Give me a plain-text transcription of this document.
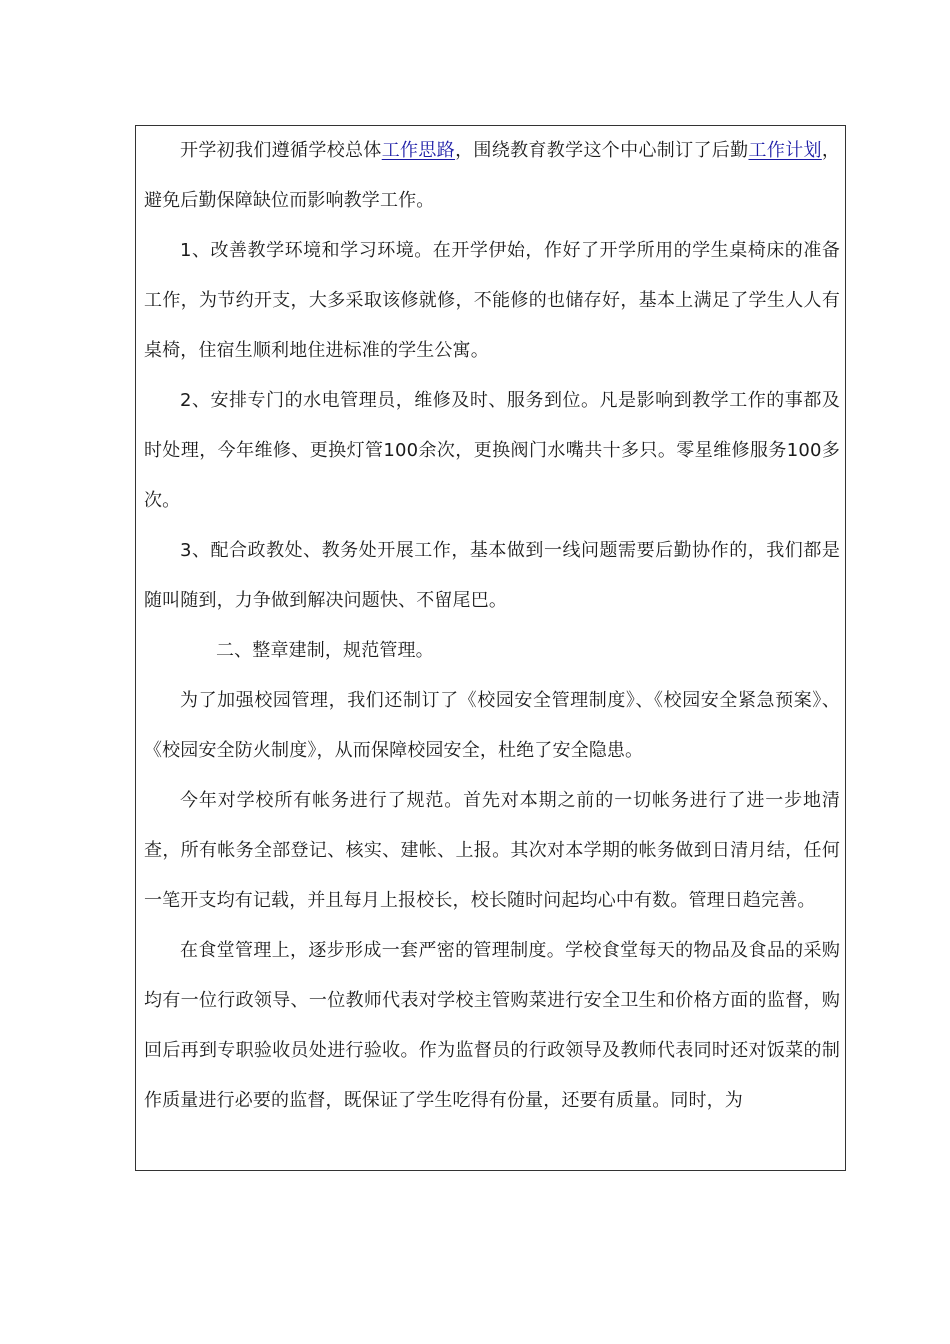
开学初我们遵循学校总体工作思路，围绕教育教学这个中心制订了后勤工作计划，避免后勤保障缺位而影响教学工作。

1、改善教学环境和学习环境。在开学伊始，作好了开学所用的学生桌椅床的准备工作，为节约开支，大多采取该修就修，不能修的也储存好，基本上满足了学生人人有桌椅，住宿生顺利地住进标准的学生公寓。

2、安排专门的水电管理员，维修及时、服务到位。凡是影响到教学工作的事都及时处理，今年维修、更换灯管100余次，更换阀门水嘴共十多只。零星维修服务100多次。

3、配合政教处、教务处开展工作，基本做到一线问题需要后勤协作的，我们都是随叫随到，力争做到解决问题快、不留尾巴。

二、整章建制，规范管理。

为了加强校园管理，我们还制订了《校园安全管理制度》、《校园安全紧急预案》、《校园安全防火制度》，从而保障校园安全，杜绝了安全隐患。

今年对学校所有帐务进行了规范。首先对本期之前的一切帐务进行了进一步地清查，所有帐务全部登记、核实、建帐、上报。其次对本学期的帐务做到日清月结，任何一笔开支均有记载，并且每月上报校长，校长随时问起均心中有数。管理日趋完善。

在食堂管理上，逐步形成一套严密的管理制度。学校食堂每天的物品及食品的采购均有一位行政领导、一位教师代表对学校主管购菜进行安全卫生和价格方面的监督，购回后再到专职验收员处进行验收。作为监督员的行政领导及教师代表同时还对饭菜的制作质量进行必要的监督，既保证了学生吃得有份量，还要有质量。同时，为
